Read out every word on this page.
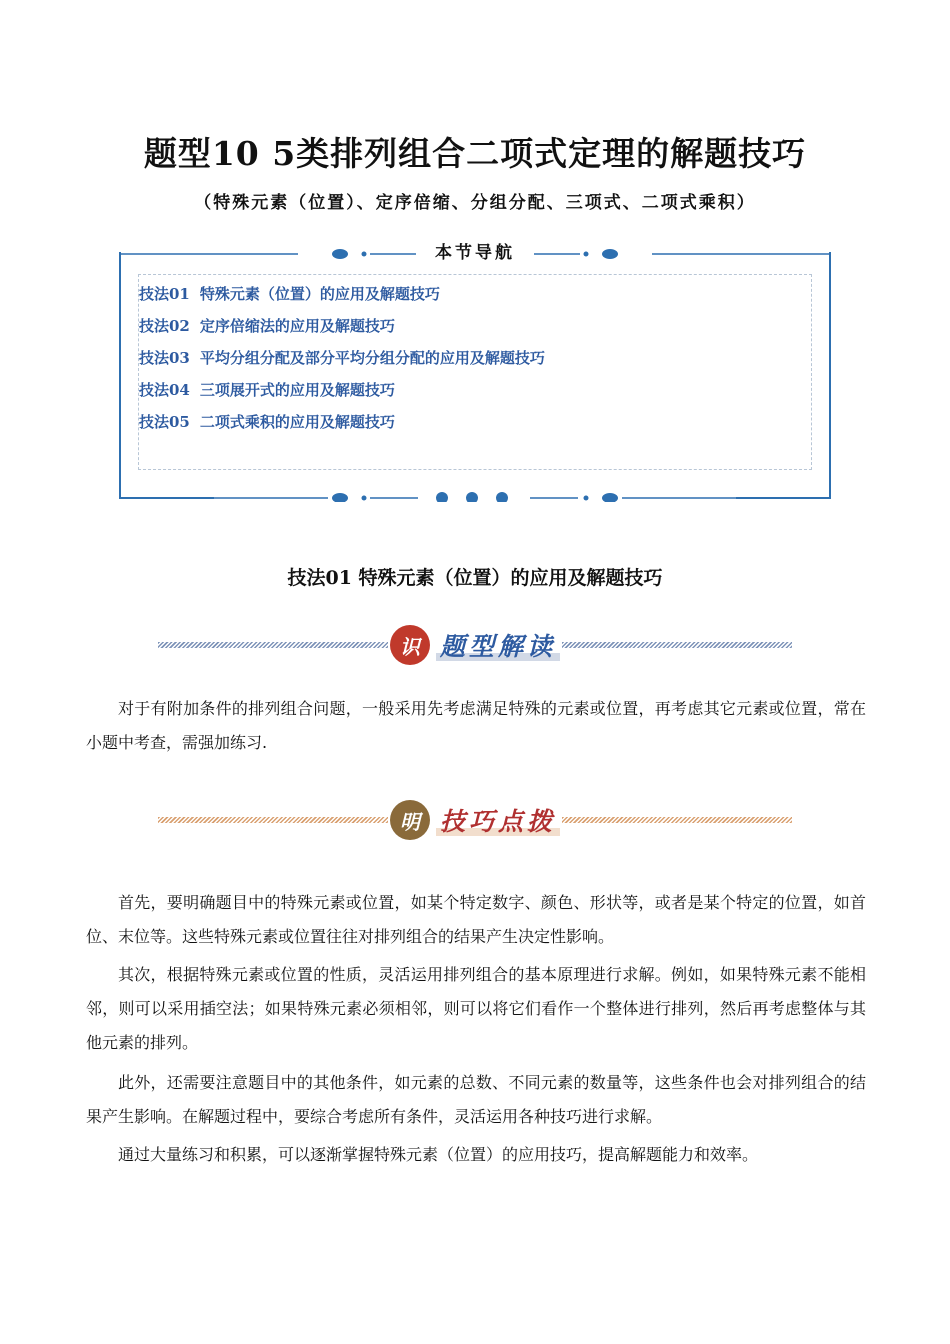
题型10 5类排列组合二项式定理的解题技巧
（特殊元素（位置）、定序倍缩、分组分配、三项式、二项式乘积）
本节导航
技法01 特殊元素（位置）的应用及解题技巧
技法02 定序倍缩法的应用及解题技巧
技法03 平均分组分配及部分平均分组分配的应用及解题技巧
技法04 三项展开式的应用及解题技巧
技法05 二项式乘积的应用及解题技巧
技法01 特殊元素（位置）的应用及解题技巧
识 题型解读
对于有附加条件的排列组合问题，一般采用先考虑满足特殊的元素或位置，再考虑其它元素或位置，常在小题中考查，需强加练习.
明 技巧点拨
首先，要明确题目中的特殊元素或位置，如某个特定数字、颜色、形状等，或者是某个特定的位置，如首位、末位等。这些特殊元素或位置往往对排列组合的结果产生决定性影响。
其次，根据特殊元素或位置的性质，灵活运用排列组合的基本原理进行求解。例如，如果特殊元素不能相邻，则可以采用插空法；如果特殊元素必须相邻，则可以将它们看作一个整体进行排列，然后再考虑整体与其他元素的排列。
此外，还需要注意题目中的其他条件，如元素的总数、不同元素的数量等，这些条件也会对排列组合的结果产生影响。在解题过程中，要综合考虑所有条件，灵活运用各种技巧进行求解。
通过大量练习和积累，可以逐渐掌握特殊元素（位置）的应用技巧，提高解题能力和效率。
